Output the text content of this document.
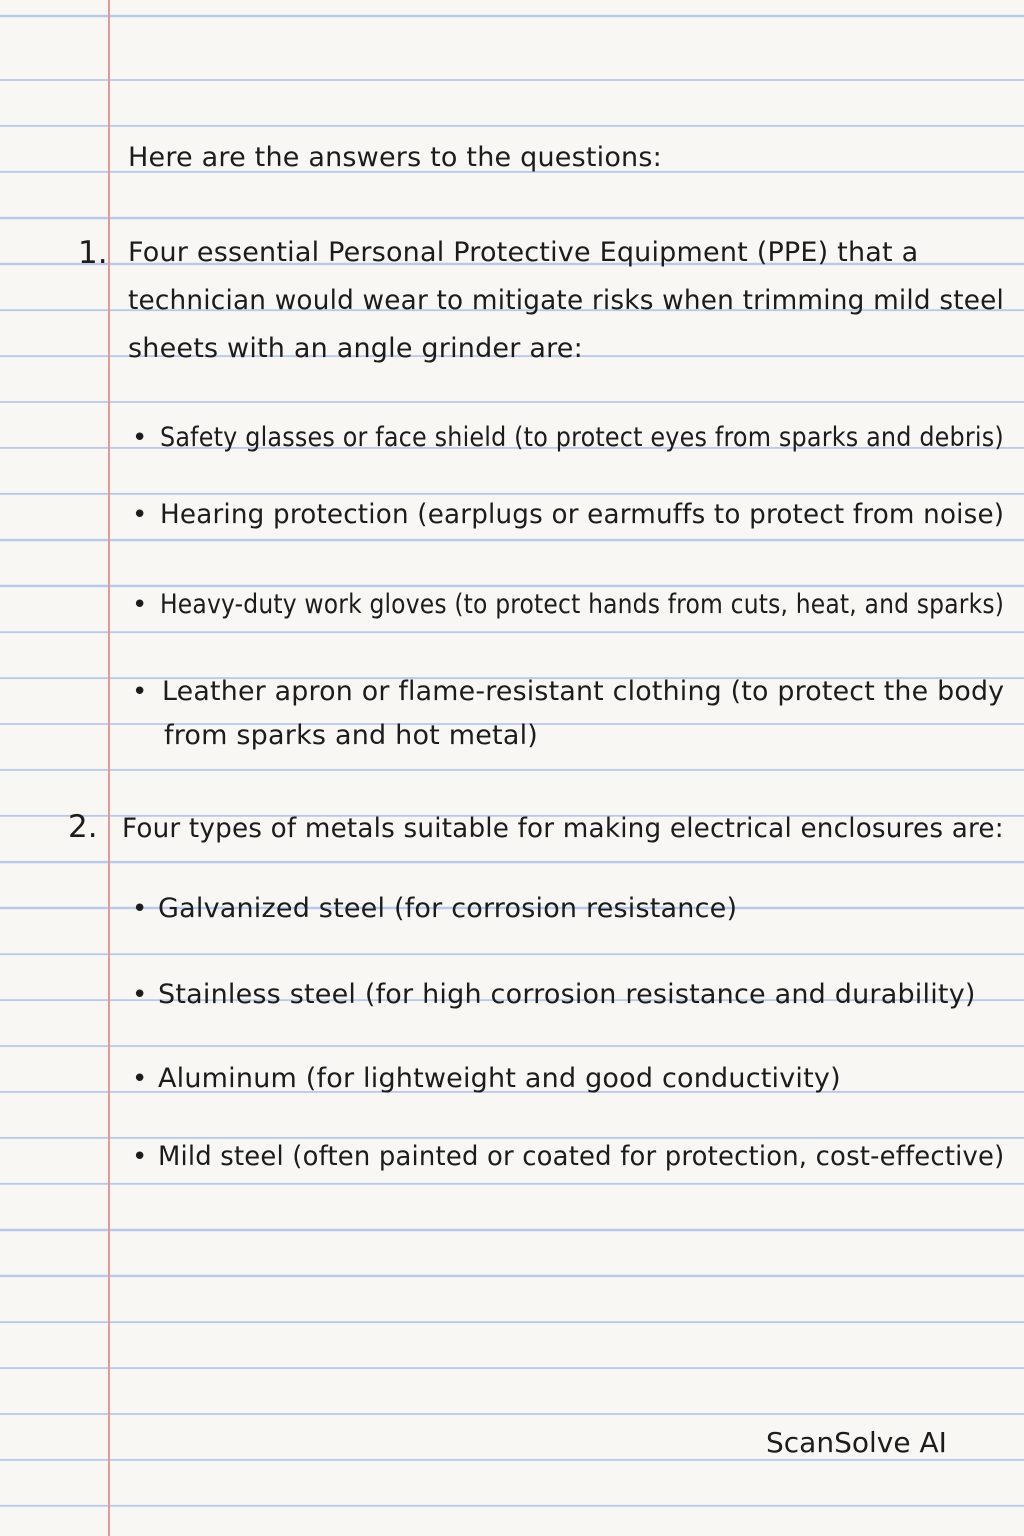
Here are the answers to the questions:
1. Four essential Personal Protective Equipment (PPE) that a
technician would wear to mitigate risks when trimming mild steel
sheets with an angle grinder are:
• Safety glasses or face shield (to protect eyes from sparks and debris)
• Hearing protection (earplugs or earmuffs to protect from noise)
• Heavy-duty work gloves (to protect hands from cuts, heat, and sparks)
• Leather apron or flame-resistant clothing (to protect the body
from sparks and hot metal)
2. Four types of metals suitable for making electrical enclosures are:
• Galvanized steel (for corrosion resistance)
• Stainless steel (for high corrosion resistance and durability)
• Aluminum (for lightweight and good conductivity)
• Mild steel (often painted or coated for protection, cost-effective)
ScanSolve AI
